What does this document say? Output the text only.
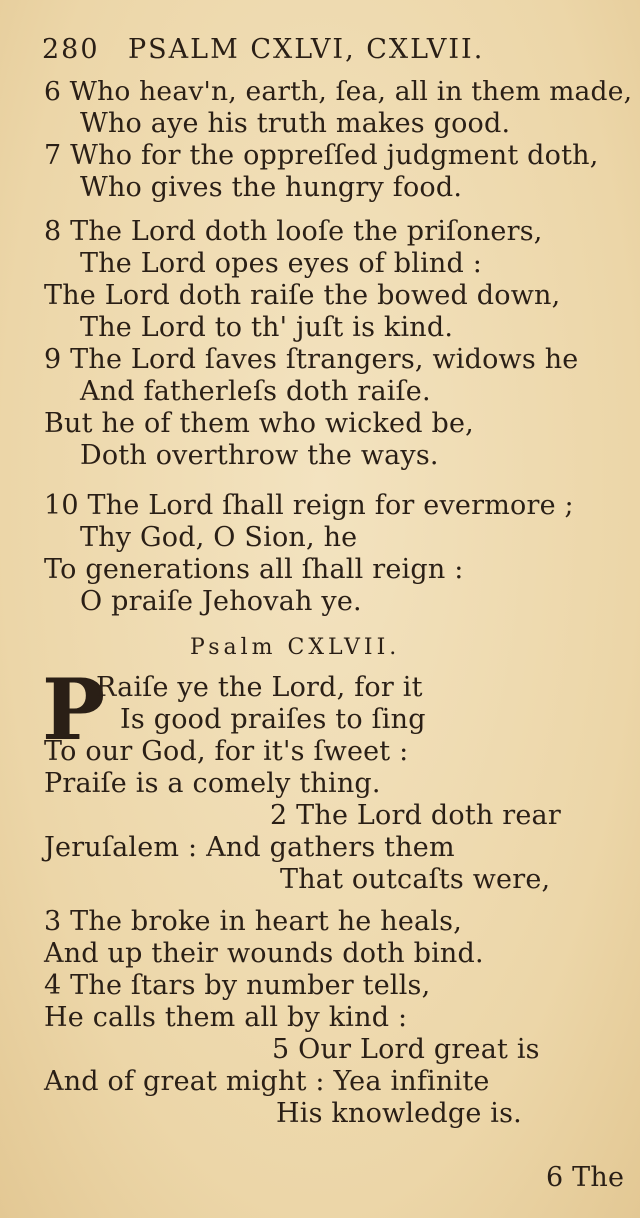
280 PSALM CXLVI, CXLVII.
6 Who heav'n, earth, ſea, all in them made,
Who aye his truth makes good.
7 Who for the oppreſſed judgment doth,
Who gives the hungry food.
8 The Lord doth looſe the priſoners,
The Lord opes eyes of blind :
The Lord doth raiſe the bowed down,
The Lord to th' juſt is kind.
9 The Lord ſaves ſtrangers, widows he
And fatherleſs doth raiſe.
But he of them who wicked be,
Doth overthrow the ways.
10 The Lord ſhall reign for evermore ;
Thy God, O Sion, he
To generations all ſhall reign :
O praiſe Jehovah ye.
Psalm CXLVII.
P
Raiſe ye the Lord, for it
Is good praiſes to ſing
To our God, for it's ſweet :
Praiſe is a comely thing.
2 The Lord doth rear
Jeruſalem : And gathers them
That outcaſts were,
3 The broke in heart he heals,
And up their wounds doth bind.
4 The ſtars by number tells,
He calls them all by kind :
5 Our Lord great is
And of great might : Yea infinite
His knowledge is.
6 The
